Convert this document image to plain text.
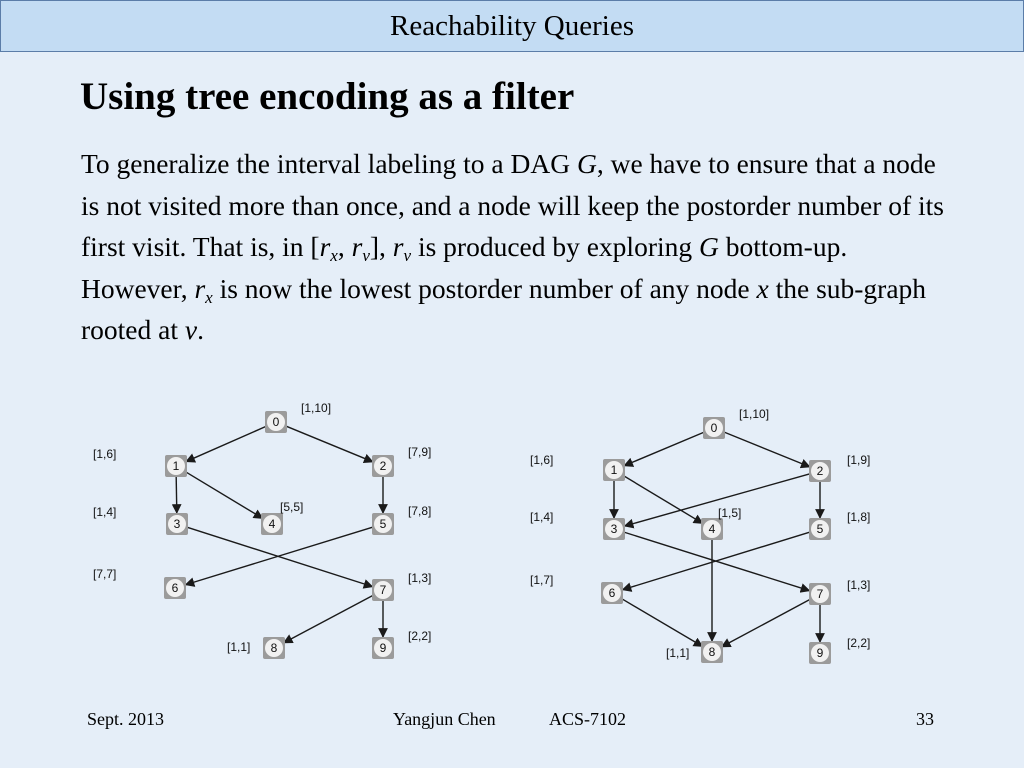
Reachability Queries
Using tree encoding as a filter

To generalize the interval labeling to a DAG G, we have to ensure that a node is not visited more than once, and a node will keep the postorder number of its first visit. That is, in [$r_x$, $r_v$], $r_v$ is produced by exploring G bottom-up. However, $r_x$ is now the lowest postorder number of any node x the sub-graph rooted at v.

0
[1,10]
1
[1,6]
2
[7,9]
3
[1,4]
4
[5,5]
5
[7,8]
6
[7,7]
7
[1,3]
8
[1,1]	9
[2,2]
0
[1,10]
1
[1,6]
2
[1,9]
3
[1,4]
4
[1,5]
5
[1,8]
6
[1,7]
7
[1,3]
8
[1,1]	9
[2,2]
Sept. 2013	Yangjun Chen	ACS-7102	33
